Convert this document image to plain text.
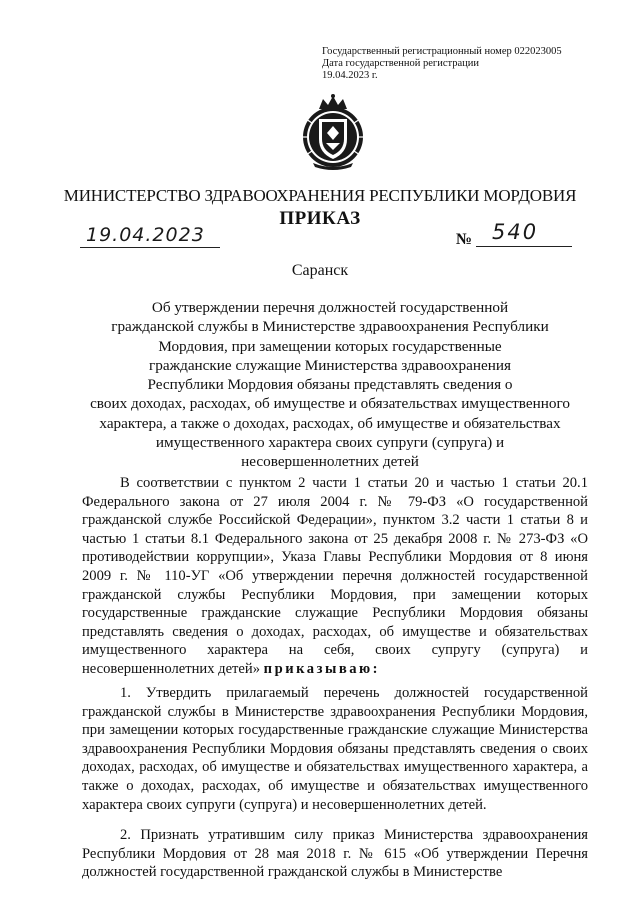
Государственный регистрационный номер 022023005
Дата государственной регистрации
19.04.2023 г.
МИНИСТЕРСТВО ЗДРАВООХРАНЕНИЯ РЕСПУБЛИКИ МОРДОВИЯ
ПРИКАЗ
19.04.2023	№ 540
Саранск
Об утверждении перечня должностей государственной
гражданской службы в Министерстве здравоохранения Республики
Мордовия, при замещении которых государственные
гражданские служащие Министерства здравоохранения
Республики Мордовия обязаны представлять сведения о
своих доходах, расходах, об имуществе и обязательствах имущественного
характера, а также о доходах, расходах, об имуществе и обязательствах
имущественного характера своих супруги (супруга) и
несовершеннолетних детей

В соответствии с пунктом 2 части 1 статьи 20 и частью 1 статьи 20.1 Федерального закона от 27 июля 2004 г. № 79-ФЗ «О государственной гражданской службе Российской Федерации», пунктом 3.2 части 1 статьи 8 и частью 1 статьи 8.1 Федерального закона от 25 декабря 2008 г. № 273-ФЗ «О противодействии коррупции», Указа Главы Республики Мордовия от 8 июня 2009 г. № 110-УГ «Об утверждении перечня должностей государственной гражданской службы Республики Мордовия, при замещении которых государственные гражданские служащие Республики Мордовия обязаны представлять сведения о доходах, расходах, об имуществе и обязательствах имущественного характера на себя, своих супругу (супруга) и несовершеннолетних детей» приказываю:

1. Утвердить прилагаемый перечень должностей государственной гражданской службы в Министерстве здравоохранения Республики Мордовия, при замещении которых государственные гражданские служащие Министерства здравоохранения Республики Мордовия обязаны представлять сведения о своих доходах, расходах, об имуществе и обязательствах имущественного характера, а также о доходах, расходах, об имуществе и обязательствах имущественного характера своих супруги (супруга) и несовершеннолетних детей.

2. Признать утратившим силу приказ Министерства здравоохранения Республики Мордовия от 28 мая 2018 г. № 615 «Об утверждении Перечня должностей государственной гражданской службы в Министерстве
